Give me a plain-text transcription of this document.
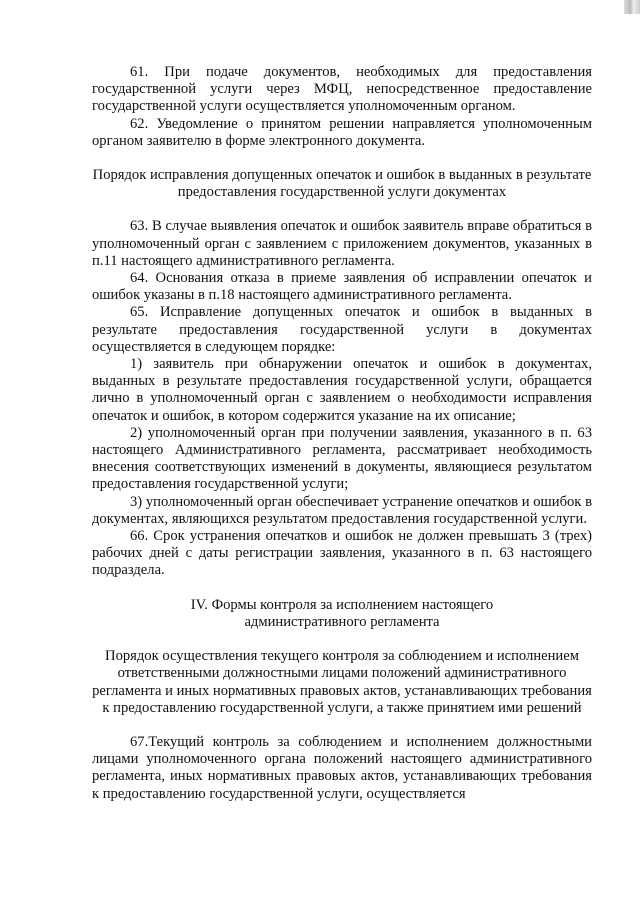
61. При подаче документов, необходимых для предоставления государственной услуги через МФЦ, непосредственное предоставление государственной услуги осуществляется уполномоченным органом.

62. Уведомление о принятом решении направляется уполномоченным органом заявителю в форме электронного документа.

Порядок исправления допущенных опечаток и ошибок в выданных в результате предоставления государственной услуги документах

63. В случае выявления опечаток и ошибок заявитель вправе обратиться в уполномоченный орган с заявлением с приложением документов, указанных в п.11 настоящего административного регламента.

64. Основания отказа в приеме заявления об исправлении опечаток и ошибок указаны в п.18 настоящего административного регламента.

65. Исправление допущенных опечаток и ошибок в выданных в результате предоставления государственной услуги в документах осуществляется в следующем порядке:

1) заявитель при обнаружении опечаток и ошибок в документах, выданных в результате предоставления государственной услуги, обращается лично в уполномоченный орган с заявлением о необходимости исправления опечаток и ошибок, в котором содержится указание на их описание;

2) уполномоченный орган при получении заявления, указанного в п. 63 настоящего Административного регламента, рассматривает необходимость внесения соответствующих изменений в документы, являющиеся результатом предоставления государственной услуги;

3) уполномоченный орган обеспечивает устранение опечатков и ошибок в документах, являющихся результатом предоставления государственной услуги.

66. Срок устранения опечатков и ошибок не должен превышать 3 (трех) рабочих дней с даты регистрации заявления, указанного в п. 63 настоящего подраздела.

IV. Формы контроля за исполнением настоящего

административного регламента

Порядок осуществления текущего контроля за соблюдением и исполнением ответственными должностными лицами положений административного регламента и иных нормативных правовых актов, устанавливающих требования к предоставлению государственной услуги, а также принятием ими решений

67.Текущий контроль за соблюдением и исполнением должностными лицами уполномоченного органа положений настоящего административного регламента, иных нормативных правовых актов, устанавливающих требования к предоставлению государственной услуги, осуществляется
